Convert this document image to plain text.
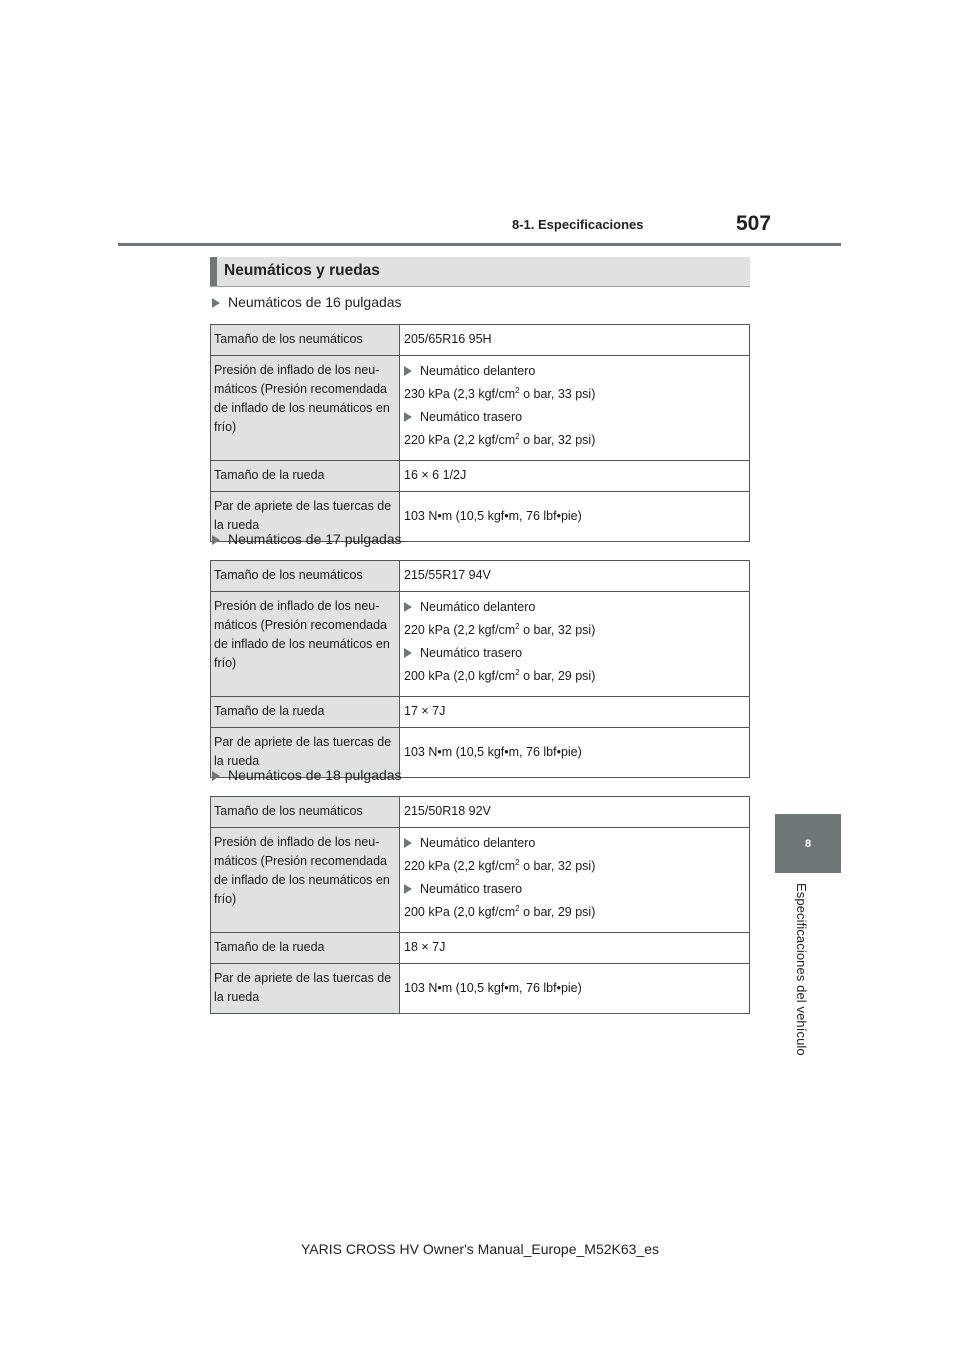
8-1. Especificaciones	507
8
Especificaciones del vehículo
Neumáticos y ruedas
Neumáticos de 16 pulgadas
Tamaño de los neumáticos	205/65R16 95H
Presión de inflado de los neu-máticos (Presión recomendada de inflado de los neumáticos en frío)	Neumático delantero
230 kPa (2,3 kgf/$cm^2$ o bar, 33 psi)
Neumático trasero
220 kPa (2,2 kgf/$cm^2$ o bar, 32 psi)

Tamaño de la rueda	16 × 6 1/2J
Par de apriete de las tuercas de la rueda	103 N•m (10,5 kgf•m, 76 lbf•pie)
Neumáticos de 17 pulgadas
Tamaño de los neumáticos	215/55R17 94V
Presión de inflado de los neu-máticos (Presión recomendada de inflado de los neumáticos en frío)	Neumático delantero
220 kPa (2,2 kgf/$cm^2$ o bar, 32 psi)
Neumático trasero
200 kPa (2,0 kgf/$cm^2$ o bar, 29 psi)

Tamaño de la rueda	17 × 7J
Par de apriete de las tuercas de la rueda	103 N•m (10,5 kgf•m, 76 lbf•pie)
Neumáticos de 18 pulgadas
Tamaño de los neumáticos	215/50R18 92V
Presión de inflado de los neu-máticos (Presión recomendada de inflado de los neumáticos en frío)	Neumático delantero
220 kPa (2,2 kgf/$cm^2$ o bar, 32 psi)
Neumático trasero
200 kPa (2,0 kgf/$cm^2$ o bar, 29 psi)

Tamaño de la rueda	18 × 7J
Par de apriete de las tuercas de la rueda	103 N•m (10,5 kgf•m, 76 lbf•pie)
YARIS CROSS HV Owner's Manual_Europe_M52K63_es
